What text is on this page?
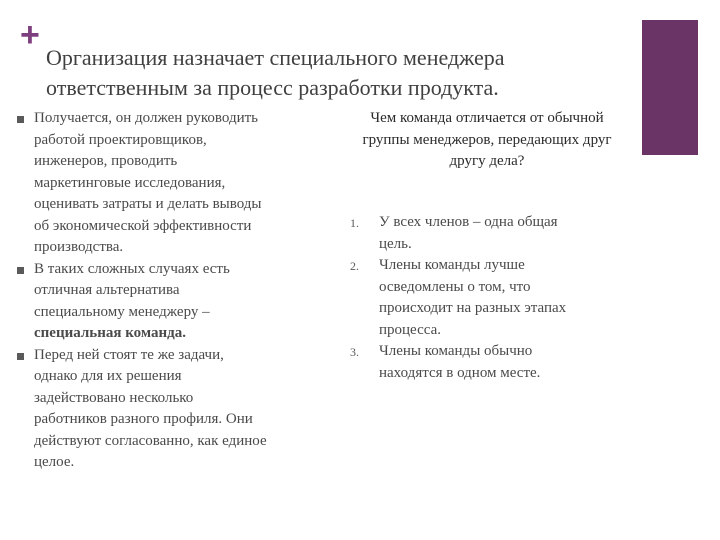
+
Организация назначает специального менеджера
ответственным за процесс разработки продукта.
Получается, он должен руководить
работой проектировщиков,
инженеров, проводить
маркетинговые исследования,
оценивать затраты и делать выводы
об экономической эффективности
производства.
В таких сложных случаях есть
отличная альтернатива
специальному менеджеру –
специальная команда.
Перед ней стоят те же задачи,
однако для их решения
задействовано несколько
работников разного профиля. Они
действуют согласованно, как единое
целое.
Чем команда отличается от обычной
группы менеджеров, передающих друг
другу дела?
1. У всех членов – одна общая
цель.
2. Члены команды лучше
осведомлены о том, что
происходит на разных этапах
процесса.
3. Члены команды обычно
находятся в одном месте.
